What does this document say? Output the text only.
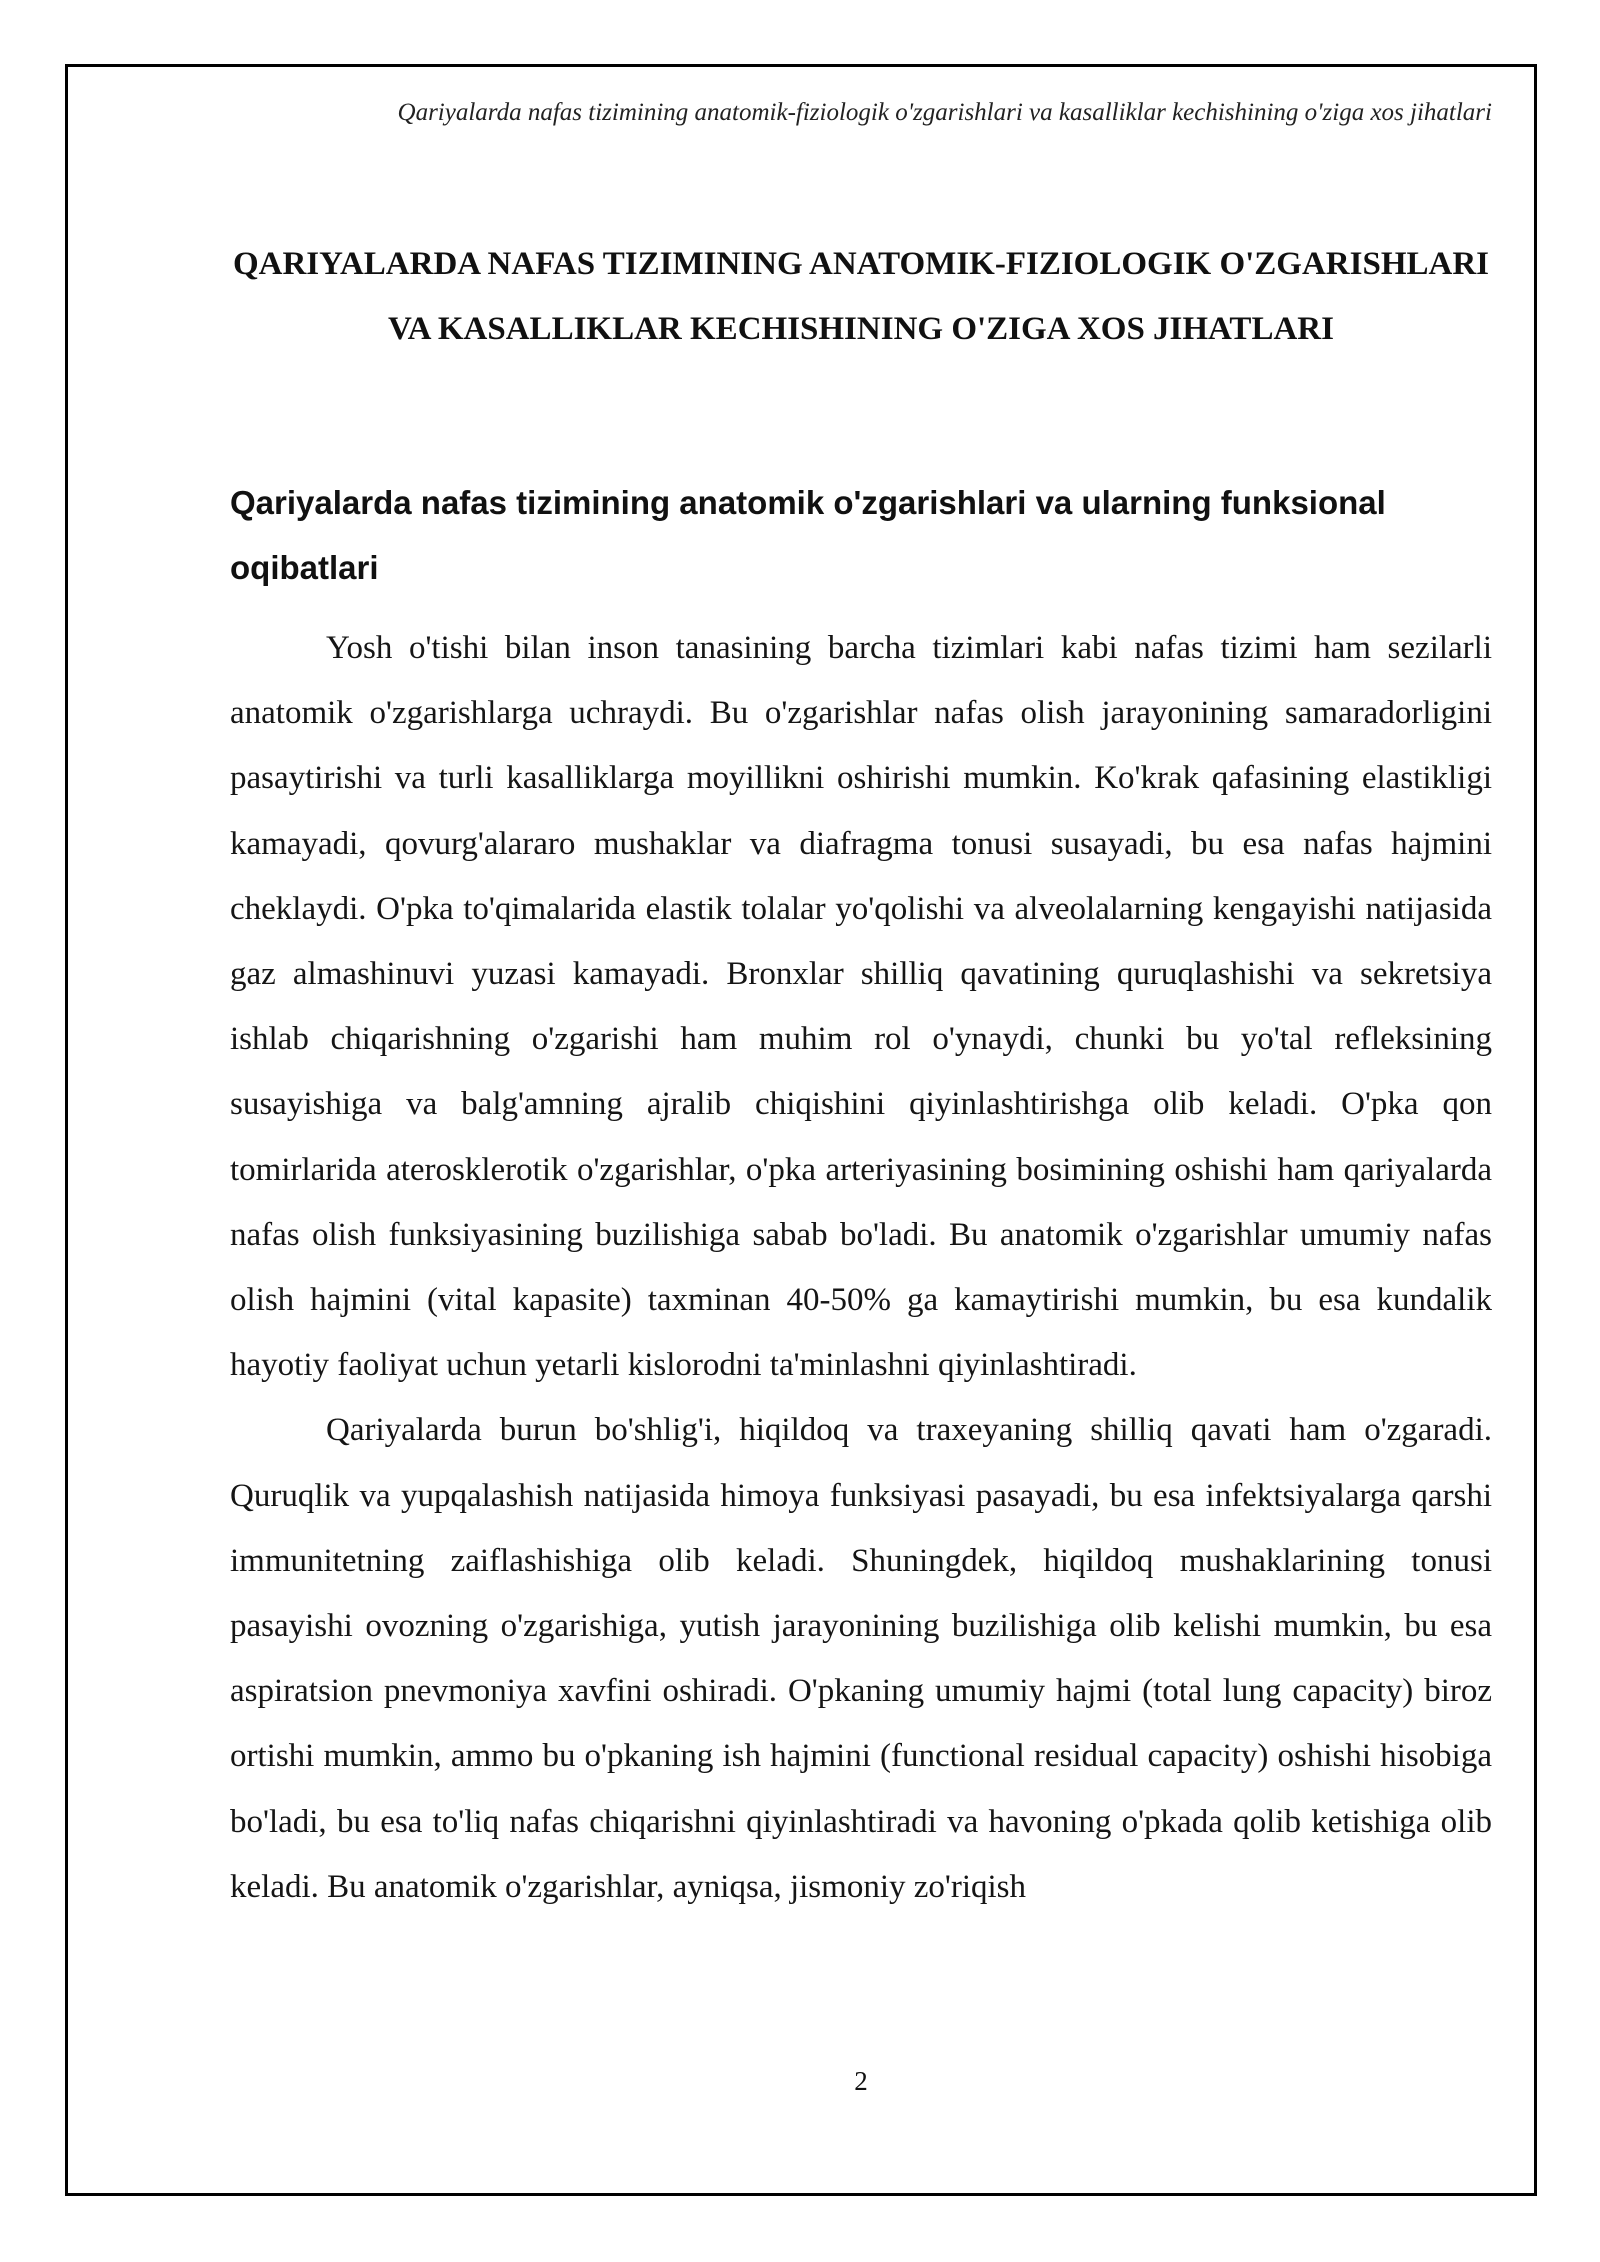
Qariyalarda nafas tizimining anatomik-fiziologik o'zgarishlari va kasalliklar kechishining o'ziga xos jihatlari
QARIYALARDA NAFAS TIZIMINING ANATOMIK-FIZIOLOGIK O'ZGARISHLARI VA KASALLIKLAR KECHISHINING O'ZIGA XOS JIHATLARI
Qariyalarda nafas tizimining anatomik o'zgarishlari va ularning funksional oqibatlari

Yosh o'tishi bilan inson tanasining barcha tizimlari kabi nafas tizimi ham sezilarli anatomik o'zgarishlarga uchraydi. Bu o'zgarishlar nafas olish jarayonining samaradorligini pasaytirishi va turli kasalliklarga moyillikni oshirishi mumkin. Ko'krak qafasining elastikligi kamayadi, qovurg'alararo mushaklar va diafragma tonusi susayadi, bu esa nafas hajmini cheklaydi. O'pka to'qimalarida elastik tolalar yo'qolishi va alveolalarning kengayishi natijasida gaz almashinuvi yuzasi kamayadi. Bronxlar shilliq qavatining quruqlashishi va sekretsiya ishlab chiqarishning o'zgarishi ham muhim rol o'ynaydi, chunki bu yo'tal refleksining susayishiga va balg'amning ajralib chiqishini qiyinlashtirishga olib keladi. O'pka qon tomirlarida aterosklerotik o'zgarishlar, o'pka arteriyasining bosimining oshishi ham qariyalarda nafas olish funksiyasining buzilishiga sabab bo'ladi. Bu anatomik o'zgarishlar umumiy nafas olish hajmini (vital kapasite) taxminan 40-50% ga kamaytirishi mumkin, bu esa kundalik hayotiy faoliyat uchun yetarli kislorodni ta'minlashni qiyinlashtiradi.

Qariyalarda burun bo'shlig'i, hiqildoq va traxeyaning shilliq qavati ham o'zgaradi. Quruqlik va yupqalashish natijasida himoya funksiyasi pasayadi, bu esa infektsiyalarga qarshi immunitetning zaiflashishiga olib keladi. Shuningdek, hiqildoq mushaklarining tonusi pasayishi ovozning o'zgarishiga, yutish jarayonining buzilishiga olib kelishi mumkin, bu esa aspiratsion pnevmoniya xavfini oshiradi. O'pkaning umumiy hajmi (total lung capacity) biroz ortishi mumkin, ammo bu o'pkaning ish hajmini (functional residual capacity) oshishi hisobiga bo'ladi, bu esa to'liq nafas chiqarishni qiyinlashtiradi va havoning o'pkada qolib ketishiga olib keladi. Bu anatomik o'zgarishlar, ayniqsa, jismoniy zo'riqish

2
